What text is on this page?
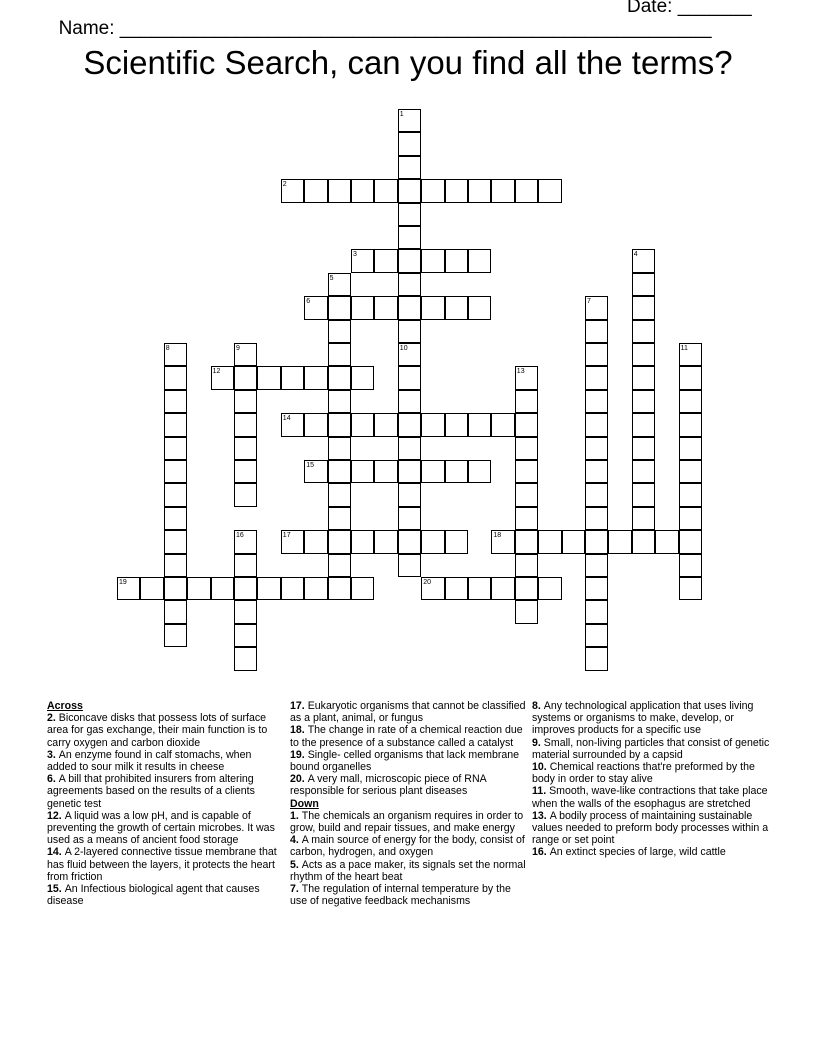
Name: ________________________________________________________

Date: _______

Scientific Search, can you find all the terms?
1
2
3	4
5
6	7
8	9	10	11
12	13
14
15
16	17	18
19	20

Across

2. Biconcave disks that possess lots of surface area for gas exchange, their main function is to carry oxygen and carbon dioxide

3. An enzyme found in calf stomachs, when added to sour milk it results in cheese

6. A bill that prohibited insurers from altering agreements based on the results of a clients genetic test

12. A liquid was a low pH, and is capable of preventing the growth of certain microbes. It was used as a means of ancient food storage

14. A 2-layered connective tissue membrane that has fluid between the layers, it protects the heart from friction

15. An Infectious biological agent that causes disease

17. Eukaryotic organisms that cannot be classified as a plant, animal, or fungus

18. The change in rate of a chemical reaction due to the presence of a substance called a catalyst

19. Single- celled organisms that lack membrane bound organelles

20. A very mall, microscopic piece of RNA responsible for serious plant diseases

Down

1. The chemicals an organism requires in order to grow, build and repair tissues, and make energy

4. A main source of energy for the body, consist of carbon, hydrogen, and oxygen

5. Acts as a pace maker, its signals set the normal rhythm of the heart beat

7. The regulation of internal temperature by the use of negative feedback mechanisms

8. Any technological application that uses living systems or organisms to make, develop, or improves products for a specific use

9. Small, non-living particles that consist of genetic material surrounded by a capsid

10. Chemical reactions that're preformed by the body in order to stay alive

11. Smooth, wave-like contractions that take place when the walls of the esophagus are stretched

13. A bodily process of maintaining sustainable values needed to preform body processes within a range or set point

16. An extinct species of large, wild cattle
